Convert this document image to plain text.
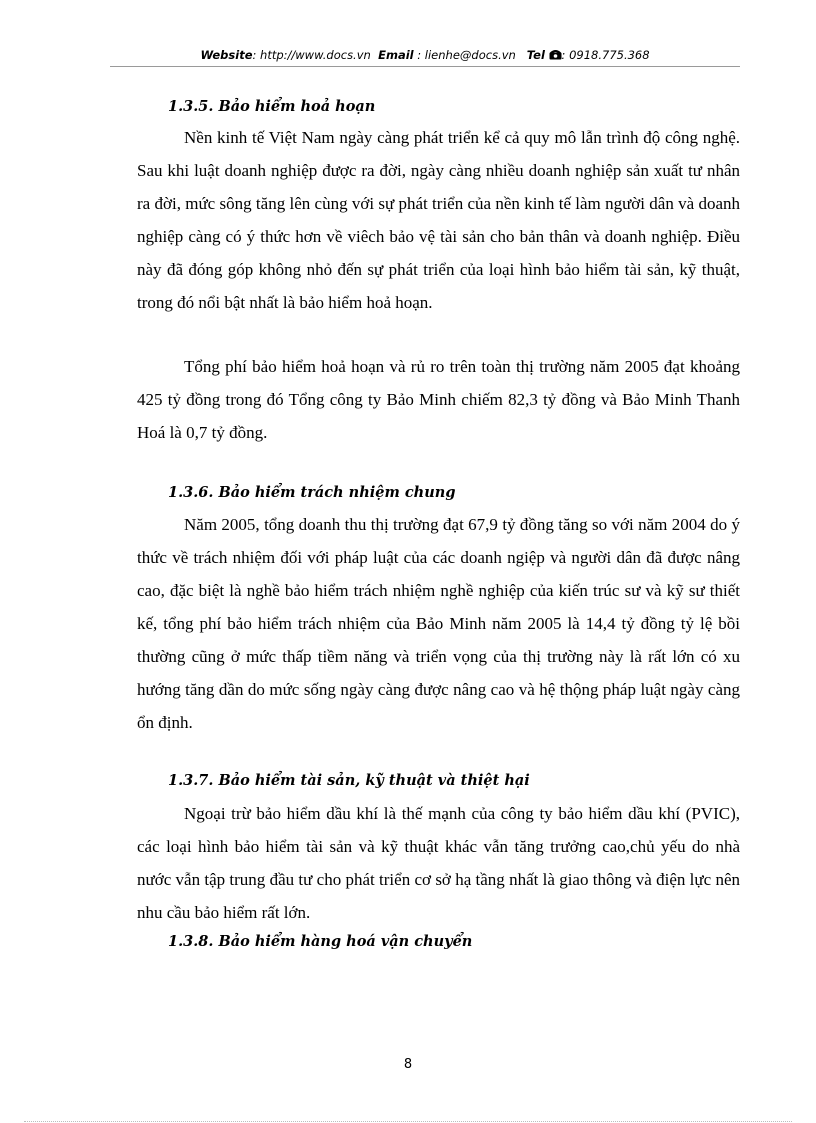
Website: http://www.docs.vn Email : lienhe@docs.vn Tel : 0918.775.368
1.3.5. Bảo hiểm hoả hoạn

Nền kinh tế Việt Nam ngày càng phát triển kể cả quy mô lẫn trình độ công nghệ. Sau khi luật doanh nghiệp được ra đời, ngày càng nhiều doanh nghiệp sản xuất tư nhân ra đời, mức sông tăng lên cùng với sự phát triển của nền kinh tế làm người dân và doanh nghiệp càng có ý thức hơn về viêch bảo vệ tài sản cho bản thân và doanh nghiệp. Điều này đã đóng góp không nhỏ đến sự phát triển của loại hình bảo hiểm tài sản, kỹ thuật, trong đó nổi bật nhất là bảo hiểm hoả hoạn.

Tổng phí bảo hiểm hoả hoạn và rủ ro trên toàn thị trường năm 2005 đạt khoảng 425 tỷ đồng trong đó Tổng công ty Bảo Minh chiếm 82,3 tỷ đồng và Bảo Minh Thanh Hoá là 0,7 tỷ đồng.

1.3.6. Bảo hiểm trách nhiệm chung

Năm 2005, tổng doanh thu thị trường đạt 67,9 tỷ đồng tăng so với năm 2004 do ý thức về trách nhiệm đối với pháp luật của các doanh ngiệp và người dân đã được nâng cao, đặc biệt là nghề bảo hiểm trách nhiệm nghề nghiệp của kiến trúc sư và kỹ sư thiết kế, tổng phí bảo hiểm trách nhiệm của Bảo Minh năm 2005 là 14,4 tỷ đồng tỷ lệ bồi thường cũng ở mức thấp tiềm năng và triển vọng của thị trường này là rất lớn có xu hướng tăng dần do mức sống ngày càng được nâng cao và hệ thộng pháp luật ngày càng ổn định.

1.3.7. Bảo hiểm tài sản, kỹ thuật và thiệt hại

Ngoại trừ bảo hiểm dầu khí là thế mạnh của công ty bảo hiểm dầu khí (PVIC), các loại hình bảo hiểm tài sản và kỹ thuật khác vẫn tăng trưởng cao,chủ yếu do nhà nước vẫn tập trung đầu tư cho phát triển cơ sở hạ tầng nhất là giao thông và điện lực nên nhu cầu bảo hiểm rất lớn.

1.3.8. Bảo hiểm hàng hoá vận chuyển
8
